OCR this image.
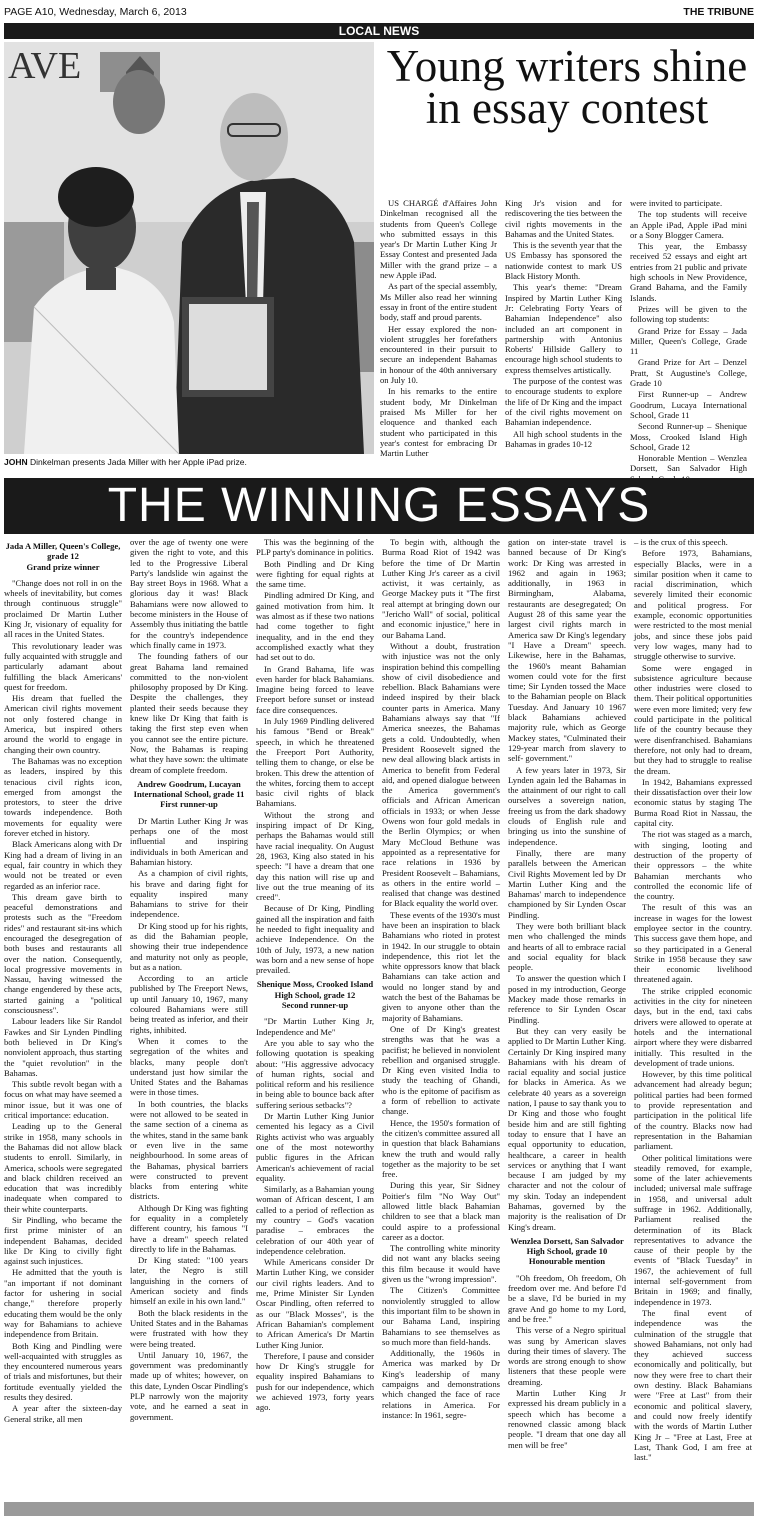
PAGE A10, Wednesday, March 6, 2013	THE TRIBUNE
LOCAL NEWS
AVE
JOHN Dinkelman presents Jada Miller with her Apple iPad prize.
Young writers shine in essay contest

US CHARGÉ d'Affaires John Dinkelman recognised all the students from Queen's College who submitted essays in this year's Dr Martin Luther King Jr Essay Contest and presented Jada Miller with the grand prize – a new Apple iPad.

As part of the special assembly, Ms Miller also read her winning essay in front of the entire student body, staff and proud parents.

Her essay explored the non-violent struggles her forefathers encountered in their pursuit to secure an independent Bahamas in honour of the 40th anniversary on July 10.

In his remarks to the entire student body, Mr Dinkelman praised Ms Miller for her eloquence and thanked each student who participated in this year's contest for embracing Dr Martin Luther

King Jr's vision and for rediscovering the ties between the civil rights movements in the Bahamas and the United States.

This is the seventh year that the US Embassy has sponsored the nationwide contest to mark US Black History Month.

This year's theme: "Dream Inspired by Martin Luther King Jr: Celebrating Forty Years of Bahamian Independence" also included an art component in partnership with Antonius Roberts' Hillside Gallery to encourage high school students to express themselves artistically.

The purpose of the contest was to encourage students to explore the life of Dr King and the impact of the civil rights movement on Bahamian independence.

All high school students in the Bahamas in grades 10-12

were invited to participate.

The top students will receive an Apple iPad, Apple iPad mini or a Sony Blogger Camera.

This year, the Embassy received 52 essays and eight art entries from 21 public and private high schools in New Providence, Grand Bahama, and the Family Islands.

Prizes will be given to the following top students:

Grand Prize for Essay – Jada Miller, Queen's College, Grade 11

Grand Prize for Art – Denzel Pratt, St Augustine's College, Grade 10

First Runner-up – Andrew Goodrum, Lucaya International School, Grade 11

Second Runner-up – Shenique Moss, Crooked Island High School, Grade 12

Honorable Mention – Wenzlea Dorsett, San Salvador High

THE WINNING ESSAYS
Jada A Miller, Queen's College, grade 12
Grand prize winner

"Change does not roll in on the wheels of inevitability, but comes through continuous struggle" proclaimed Dr Martin Luther King Jr, visionary of equality for all races in the United States.

This revolutionary leader was fully acquainted with struggle and particularly adamant about fulfilling the black Americans' quest for freedom.

His dream that fuelled the American civil rights movement not only fostered change in America, but inspired others around the world to engage in changing their own country.

The Bahamas was no exception as leaders, inspired by this tenacious civil rights icon, emerged from amongst the protestors, to steer the drive towards independence. Both movements for equality were forever etched in history.

Black Americans along with Dr King had a dream of living in an equal, fair country in which they would not be treated or even regarded as an inferior race.

This dream gave birth to peaceful demonstrations and protests such as the "Freedom rides" and restaurant sit-ins which encouraged the desegregation of both buses and restaurants all over the nation. Consequently, local progressive movements in Nassau, having witnessed the change engendered by these acts, started gaining a "political consciousness".

Labour leaders like Sir Randol Fawkes and Sir Lynden Pindling both believed in Dr King's nonviolent approach, thus starting the "quiet revolution" in the Bahamas.

This subtle revolt began with a focus on what may have seemed a minor issue, but it was one of critical importance: education.

Leading up to the General strike in 1958, many schools in the Bahamas did not allow black students to enroll. Similarly, in America, schools were segregated and black children received an education that was incredibly inadequate when compared to their white counterparts.

Sir Pindling, who became the first prime minister of an independent Bahamas, decided like Dr King to civilly fight against such injustices.

He admitted that the youth is "an important if not dominant factor for ushering in social change," therefore properly educating them would be the only way for Bahamians to achieve independence from Britain.

Both King and Pindling were well-acquainted with struggles as they encountered numerous years of trials and misfortunes, but their fortitude eventually yielded the results they desired.

A year after the sixteen-day General strike, all men

over the age of twenty one were given the right to vote, and this led to the Progressive Liberal Party's landslide win against the Bay street Boys in 1968. What a glorious day it was! Black Bahamians were now allowed to become ministers in the House of Assembly thus initiating the battle for the country's independence which finally came in 1973.

The founding fathers of our great Bahama land remained committed to the non-violent philosophy proposed by Dr King. Despite the challenges, they planted their seeds because they knew like Dr King that faith is taking the first step even when you cannot see the entire picture. Now, the Bahamas is reaping what they have sown: the ultimate dream of complete freedom.

Andrew Goodrum, Lucayan International School, grade 11
First runner-up

Dr Martin Luther King Jr was perhaps one of the most influential and inspiring individuals in both American and Bahamian history.

As a champion of civil rights, his brave and daring fight for equality inspired many Bahamians to strive for their independence.

Dr King stood up for his rights, as did the Bahamian people, showing their true independence and maturity not only as people, but as a nation.

According to an article published by The Freeport News, up until January 10, 1967, many coloured Bahamians were still being treated as inferior, and their rights, inhibited.

When it comes to the segregation of the whites and blacks, many people don't understand just how similar the United States and the Bahamas were in those times.

In both countries, the blacks were not allowed to be seated in the same section of a cinema as the whites, stand in the same bank or even live in the same neighbourhood. In some areas of the Bahamas, physical barriers were constructed to prevent blacks from entering white districts.

Although Dr King was fighting for equality in a completely different country, his famous "I have a dream" speech related directly to life in the Bahamas.

Dr King stated: "100 years later, the Negro is still languishing in the corners of American society and finds himself an exile in his own land."

Both the black residents in the United States and in the Bahamas were frustrated with how they were being treated.

Until January 10, 1967, the government was predominantly made up of whites; however, on this date, Lynden Oscar Pindling's PLP narrowly won the majority vote, and he earned a seat in government.

This was the beginning of the PLP party's dominance in politics.

Both Pindling and Dr King were fighting for equal rights at the same time.

Pindling admired Dr King, and gained motivation from him. It was almost as if these two nations had come together to fight inequality, and in the end they accomplished exactly what they had set out to do.

In Grand Bahama, life was even harder for black Bahamians. Imagine being forced to leave Freeport before sunset or instead face dire consequences.

In July 1969 Pindling delivered his famous "Bend or Break" speech, in which he threatened the Freeport Port Authority, telling them to change, or else be broken. This drew the attention of the whites, forcing them to accept basic civil rights of black Bahamians.

Without the strong and inspiring impact of Dr King, perhaps the Bahamas would still have racial inequality. On August 28, 1963, King also stated in his speech: "I have a dream that one day this nation will rise up and live out the true meaning of its creed".

Because of Dr King, Pindling gained all the inspiration and faith he needed to fight inequality and achieve Independence. On the 10th of July, 1973, a new nation was born and a new sense of hope prevailed.

Shenique Moss, Crooked Island High School, grade 12
Second runner-up

"Dr Martin Luther King Jr, Independence and Me"

Are you able to say who the following quotation is speaking about: "His aggressive advocacy of human rights, social and political reform and his resilience in being able to bounce back after suffering serious setbacks"?

Dr Martin Luther King Junior cemented his legacy as a Civil Rights activist who was arguably one of the most noteworthy public figures in the African American's achievement of racial equality.

Similarly, as a Bahamian young woman of African descent, I am called to a period of reflection as my country – God's vacation paradise – embraces the celebration of our 40th year of independence celebration.

While Americans consider Dr Martin Luther King, we consider our civil rights leaders. And to me, Prime Minister Sir Lynden Oscar Pindling, often referred to as our "Black Mosses", is the African Bahamian's complement to African America's Dr Martin Luther King Junior.

Therefore, I pause and consider how Dr King's struggle for equality inspired Bahamians to push for our independence, which we achieved 1973, forty years ago.

To begin with, although the Burma Road Riot of 1942 was before the time of Dr Martin Luther King Jr's career as a civil activist, it was certainly, as George Mackey puts it "The first real attempt at bringing down our "Jericho Wall" of social, political and economic injustice," here in our Bahama Land.

Without a doubt, frustration with injustice was not the only inspiration behind this compelling show of civil disobedience and rebellion. Black Bahamians were indeed inspired by their black counter parts in America. Many Bahamians always say that "If America sneezes, the Bahamas gets a cold. Undoubtedly, when President Roosevelt signed the new deal allowing black artists in America to benefit from Federal aid, and opened dialogue between the America government's officials and African American officials in 1933; or when Jesse Owens won four gold medals in the Berlin Olympics; or when Mary McCloud Bethune was appointed as a representative for race relations in 1936 by President Roosevelt – Bahamians, as others in the entire world – realised that change was destined for Black equality the world over.

These events of the 1930's must have been an inspiration to black Bahamians who rioted in protest in 1942. In our struggle to obtain independence, this riot let the white oppressors know that black Bahamians can take action and would no longer stand by and watch the best of the Bahamas be given to anyone other than the majority of Bahamians.

One of Dr King's greatest strengths was that he was a pacifist; he believed in nonviolent rebellion and organised struggle. Dr King even visited India to study the teaching of Ghandi, who is the epitome of pacifism as a form of rebellion to activate change.

Hence, the 1950's formation of the citizen's committee assured all in question that black Bahamians knew the truth and would rally together as the majority to be set free.

During this year, Sir Sidney Poitier's film "No Way Out" allowed little black Bahamian children to see that a black man could aspire to a professional career as a doctor.

The controlling white minority did not want any blacks seeing this film because it would have given us the "wrong impression".

The Citizen's Committee nonviolently struggled to allow this important film to be shown in our Bahama Land, inspiring Bahamians to see themselves as so much more than field-hands.

Additionally, the 1960s in America was marked by Dr King's leadership of many campaigns and demonstrations which changed the face of race relations in America. For instance: In 1961, segre-

gation on inter-state travel is banned because of Dr King's work: Dr King was arrested in 1962 and again in 1963; additionally, in 1963 in Birmingham, Alabama, restaurants are desegregated; On August 28 of this same year the largest civil rights march in America saw Dr King's legendary "I Have a Dream" speech. Likewise, here in the Bahamas, the 1960's meant Bahamian women could vote for the first time; Sir Lynden tossed the Mace to the Bahamian people on Black Tuesday. And January 10 1967 black Bahamians achieved majority rule, which as George Mackey states, "Culminated their 129-year march from slavery to self- government."

A few years later in 1973, Sir Lynden again led the Bahamas in the attainment of our right to call ourselves a sovereign nation, freeing us from the dark shadowy clouds of English rule and bringing us into the sunshine of independence.

Finally, there are many parallels between the American Civil Rights Movement led by Dr Martin Luther King and the Bahamas' march to independence championed by Sir Lynden Oscar Pindling.

They were both brilliant black men who challenged the minds and hearts of all to embrace racial and social equality for black people.

To answer the question which I posed in my introduction, George Mackey made those remarks in reference to Sir Lynden Oscar Pindling.

But they can very easily be applied to Dr Martin Luther King. Certainly Dr King inspired many Bahamians with his dream of racial equality and social justice for blacks in America. As we celebrate 40 years as a sovereign nation, I pause to say thank you to Dr King and those who fought beside him and are still fighting today to ensure that I have an equal opportunity to education, healthcare, a career in health services or anything that I want because I am judged by my character and not the colour of my skin. Today an independent Bahamas, governed by the majority is the realisation of Dr King's dream.

Wenzlea Dorsett, San Salvador High School, grade 10
Honourable mention

"Oh freedom, Oh freedom, Oh freedom over me. And before I'd be a slave, I'd be buried in my grave And go home to my Lord, and be free."

This verse of a Negro spiritual was sung by American slaves during their times of slavery. The words are strong enough to show listeners that these people were dreaming.

Martin Luther King Jr expressed his dream publicly in a speech which has become a renowned classic among black people. "I dream that one day all men will be free"

– is the crux of this speech.

Before 1973, Bahamians, especially Blacks, were in a similar position when it came to racial discrimination, which severely limited their economic and political progress. For example, economic opportunities were restricted to the most menial jobs, and since these jobs paid very low wages, many had to struggle otherwise to survive.

Some were engaged in subsistence agriculture because other industries were closed to them. Their political opportunities were even more limited; very few could participate in the political life of the country because they were disenfranchised. Bahamians therefore, not only had to dream, but they had to struggle to realise the dream.

In 1942, Bahamians expressed their dissatisfaction over their low economic status by staging The Burma Road Riot in Nassau, the capital city.

The riot was staged as a march, with singing, looting and destruction of the property of their oppressors – the white Bahamian merchants who controlled the economic life of the country.

The result of this was an increase in wages for the lowest employee sector in the country. This success gave them hope, and so they participated in a General Strike in 1958 because they saw their economic livelihood threatened again.

The strike crippled economic activities in the city for nineteen days, but in the end, taxi cabs drivers were allowed to operate at hotels and the international airport where they were disbarred initially. This resulted in the development of trade unions.

However, by this time political advancement had already begun; political parties had been formed to provide representation and participation in the political life of the country. Blacks now had representation in the Bahamian parliament.

Other political limitations were steadily removed, for example, some of the later achievements included; universal male suffrage in 1958, and universal adult suffrage in 1962. Additionally, Parliament realised the determination of its Black representatives to advance the cause of their people by the events of "Black Tuesday" in 1967, the achievement of full internal self-government from Britain in 1969; and finally, independence in 1973.

The final event of independence was the culmination of the struggle that showed Bahamians, not only had they achieved success economically and politically, but now they were free to chart their own destiny. Black Bahamians were "Free at Last" from their economic and political slavery, and could now freely identify with the words of Martin Luther King Jr – "Free at Last, Free at Last, Thank God, I am free at last."
